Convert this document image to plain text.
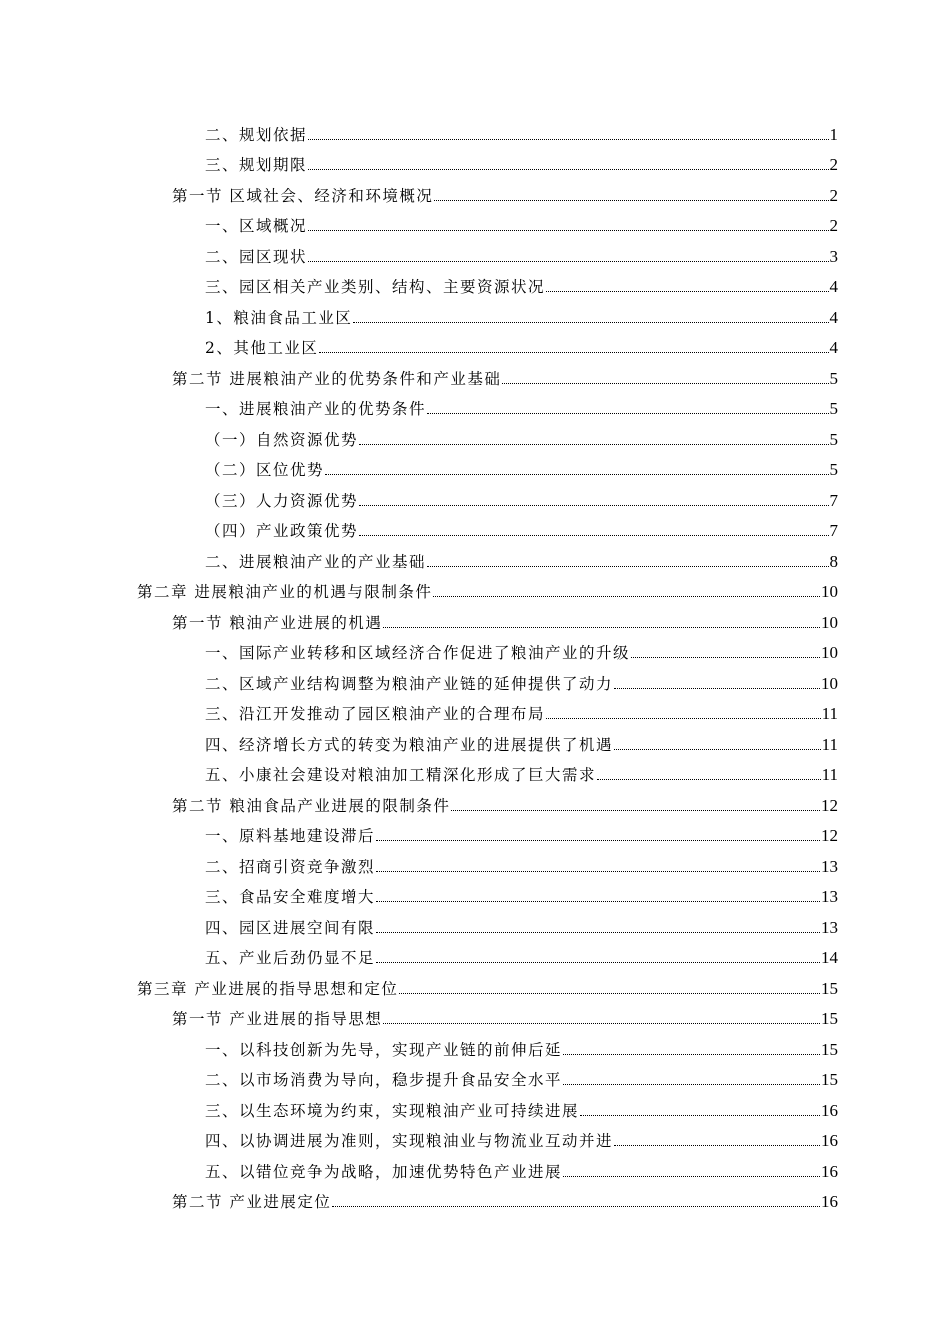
二、规划依据	1
三、规划期限	2
第一节 区域社会、经济和环境概况	2
一、区域概况	2
二、园区现状	3
三、园区相关产业类别、结构、主要资源状况	4
1、粮油食品工业区	4
2、其他工业区	4
第二节 进展粮油产业的优势条件和产业基础	5
一、进展粮油产业的优势条件	5
（一）自然资源优势	5
（二）区位优势	5
（三）人力资源优势	7
（四）产业政策优势	7
二、进展粮油产业的产业基础	8
第二章 进展粮油产业的机遇与限制条件	10
第一节 粮油产业进展的机遇	10
一、国际产业转移和区域经济合作促进了粮油产业的升级	10
二、区域产业结构调整为粮油产业链的延伸提供了动力	10
三、沿江开发推动了园区粮油产业的合理布局	11
四、经济增长方式的转变为粮油产业的进展提供了机遇	11
五、小康社会建设对粮油加工精深化形成了巨大需求	11
第二节 粮油食品产业进展的限制条件	12
一、原料基地建设滞后	12
二、招商引资竞争激烈	13
三、食品安全难度增大	13
四、园区进展空间有限	13
五、产业后劲仍显不足	14
第三章 产业进展的指导思想和定位	15
第一节 产业进展的指导思想	15
一、以科技创新为先导，实现产业链的前伸后延	15
二、以市场消费为导向，稳步提升食品安全水平	15
三、以生态环境为约束，实现粮油产业可持续进展	16
四、以协调进展为准则，实现粮油业与物流业互动并进	16
五、以错位竞争为战略，加速优势特色产业进展	16
第二节 产业进展定位	16
